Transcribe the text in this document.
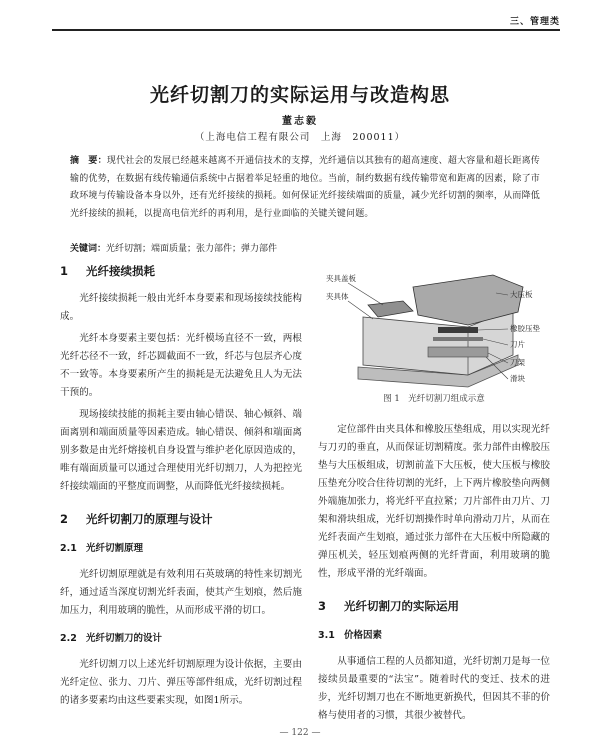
三、管理类
光纤切割刀的实际运用与改造构思
董志毅
（上海电信工程有限公司　上海　200011）
摘　要：现代社会的发展已经越来越离不开通信技术的支撑，光纤通信以其独有的超高速度、超大容量和超长距离传输的优势，在数据有线传输通信系统中占据着举足轻重的地位。当前，制约数据有线传输带宽和距离的因素，除了市政环境与传输设备本身以外，还有光纤接续的损耗。如何保证光纤接续端面的质量，减少光纤切割的频率，从而降低光纤接续的损耗，以提高电信光纤的再利用，是行业面临的关键关键问题。
关键词：光纤切割；端面质量；张力部件；弹力部件
1 光纤接续损耗

光纤接续损耗一般由光纤本身要素和现场接续技能构成。

光纤本身要素主要包括：光纤模场直径不一致，两根光纤芯径不一致，纤芯圆截面不一致，纤芯与包层齐心度不一致等。本身要素所产生的损耗是无法避免且人为无法干预的。

现场接续技能的损耗主要由轴心错误、轴心倾斜、端面离别和端面质量等因素造成。轴心错误、倾斜和端面离别多数是由光纤熔接机自身设置与维护老化原因造成的，唯有端面质量可以通过合理使用光纤切割刀，人为把控光纤接续端面的平整度而调整，从而降低光纤接续损耗。

2 光纤切割刀的原理与设计
2.1 光纤切割原理

光纤切割原理就是有效利用石英玻璃的特性来切割光纤，通过适当深度切割光纤表面，使其产生划痕，然后施加压力，利用玻璃的脆性，从而形成平滑的切口。

2.2 光纤切割刀的设计

光纤切割刀以上述光纤切割原理为设计依据，主要由光纤定位、张力、刀片、弹压等部件组成，光纤切割过程的诸多要素均由这些要素实现，如图1所示。

夹具盖板
夹具体	大压板
橡胶压垫
刀片
刀架
滑块
图 1　光纤切割刀组成示意

定位部件由夹具体和橡胶压垫组成，用以实现光纤与刀刃的垂直，从而保证切割精度。张力部件由橡胶压垫与大压板组成，切割前盖下大压板，使大压板与橡胶压垫充分咬合住待切割的光纤，上下两片橡胶垫向两侧外端施加张力，将光纤平直拉紧；刀片部件由刀片、刀架和滑块组成，光纤切割操作时单向滑动刀片，从而在光纤表面产生划痕，通过张力部件在大压板中所隐藏的弹压机关，轻压划痕两侧的光纤背面，利用玻璃的脆性，形成平滑的光纤端面。

3 光纤切割刀的实际运用
3.1 价格因素

从事通信工程的人员都知道，光纤切割刀是每一位接续员最重要的“法宝”。随着时代的变迁、技术的进步，光纤切割刀也在不断地更新换代，但因其不菲的价格与使用者的习惯，其很少被替代。

— 122 —
